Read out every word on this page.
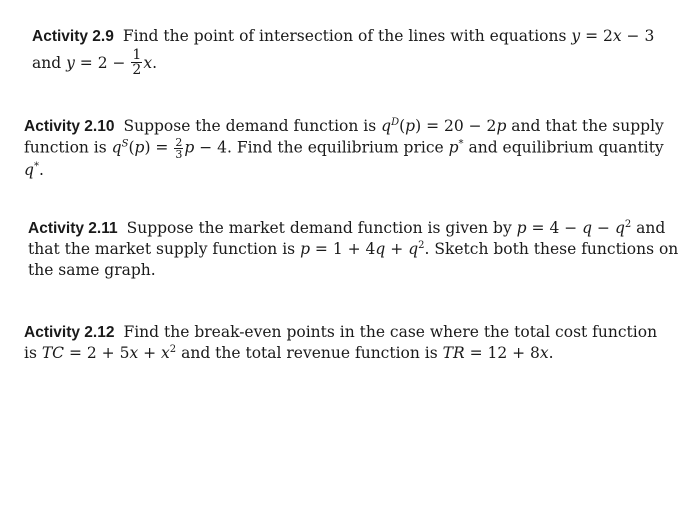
Activity 2.9 Find the point of intersection of the lines with equations y = 2x − 3
and $y = 2 - \frac{1}{2} x$.
Activity 2.10 Suppose the demand function is $q^D(p) = 20 - 2p$ and that the supply
function is $q^S(p) = \frac{2}{3}$ p − 4. Find the equilibrium price p* and equilibrium quantity
q*.
Activity 2.11 Suppose the market demand function is given by $p = 4 - q - q^2$ and
that the market supply function is $p = 1 + 4q + q^2$. Sketch both these functions on
the same graph.
Activity 2.12 Find the break-even points in the case where the total cost function
is TC = $2 + 5x + x^2$ and the total revenue function is TR = 12 + 8x.
